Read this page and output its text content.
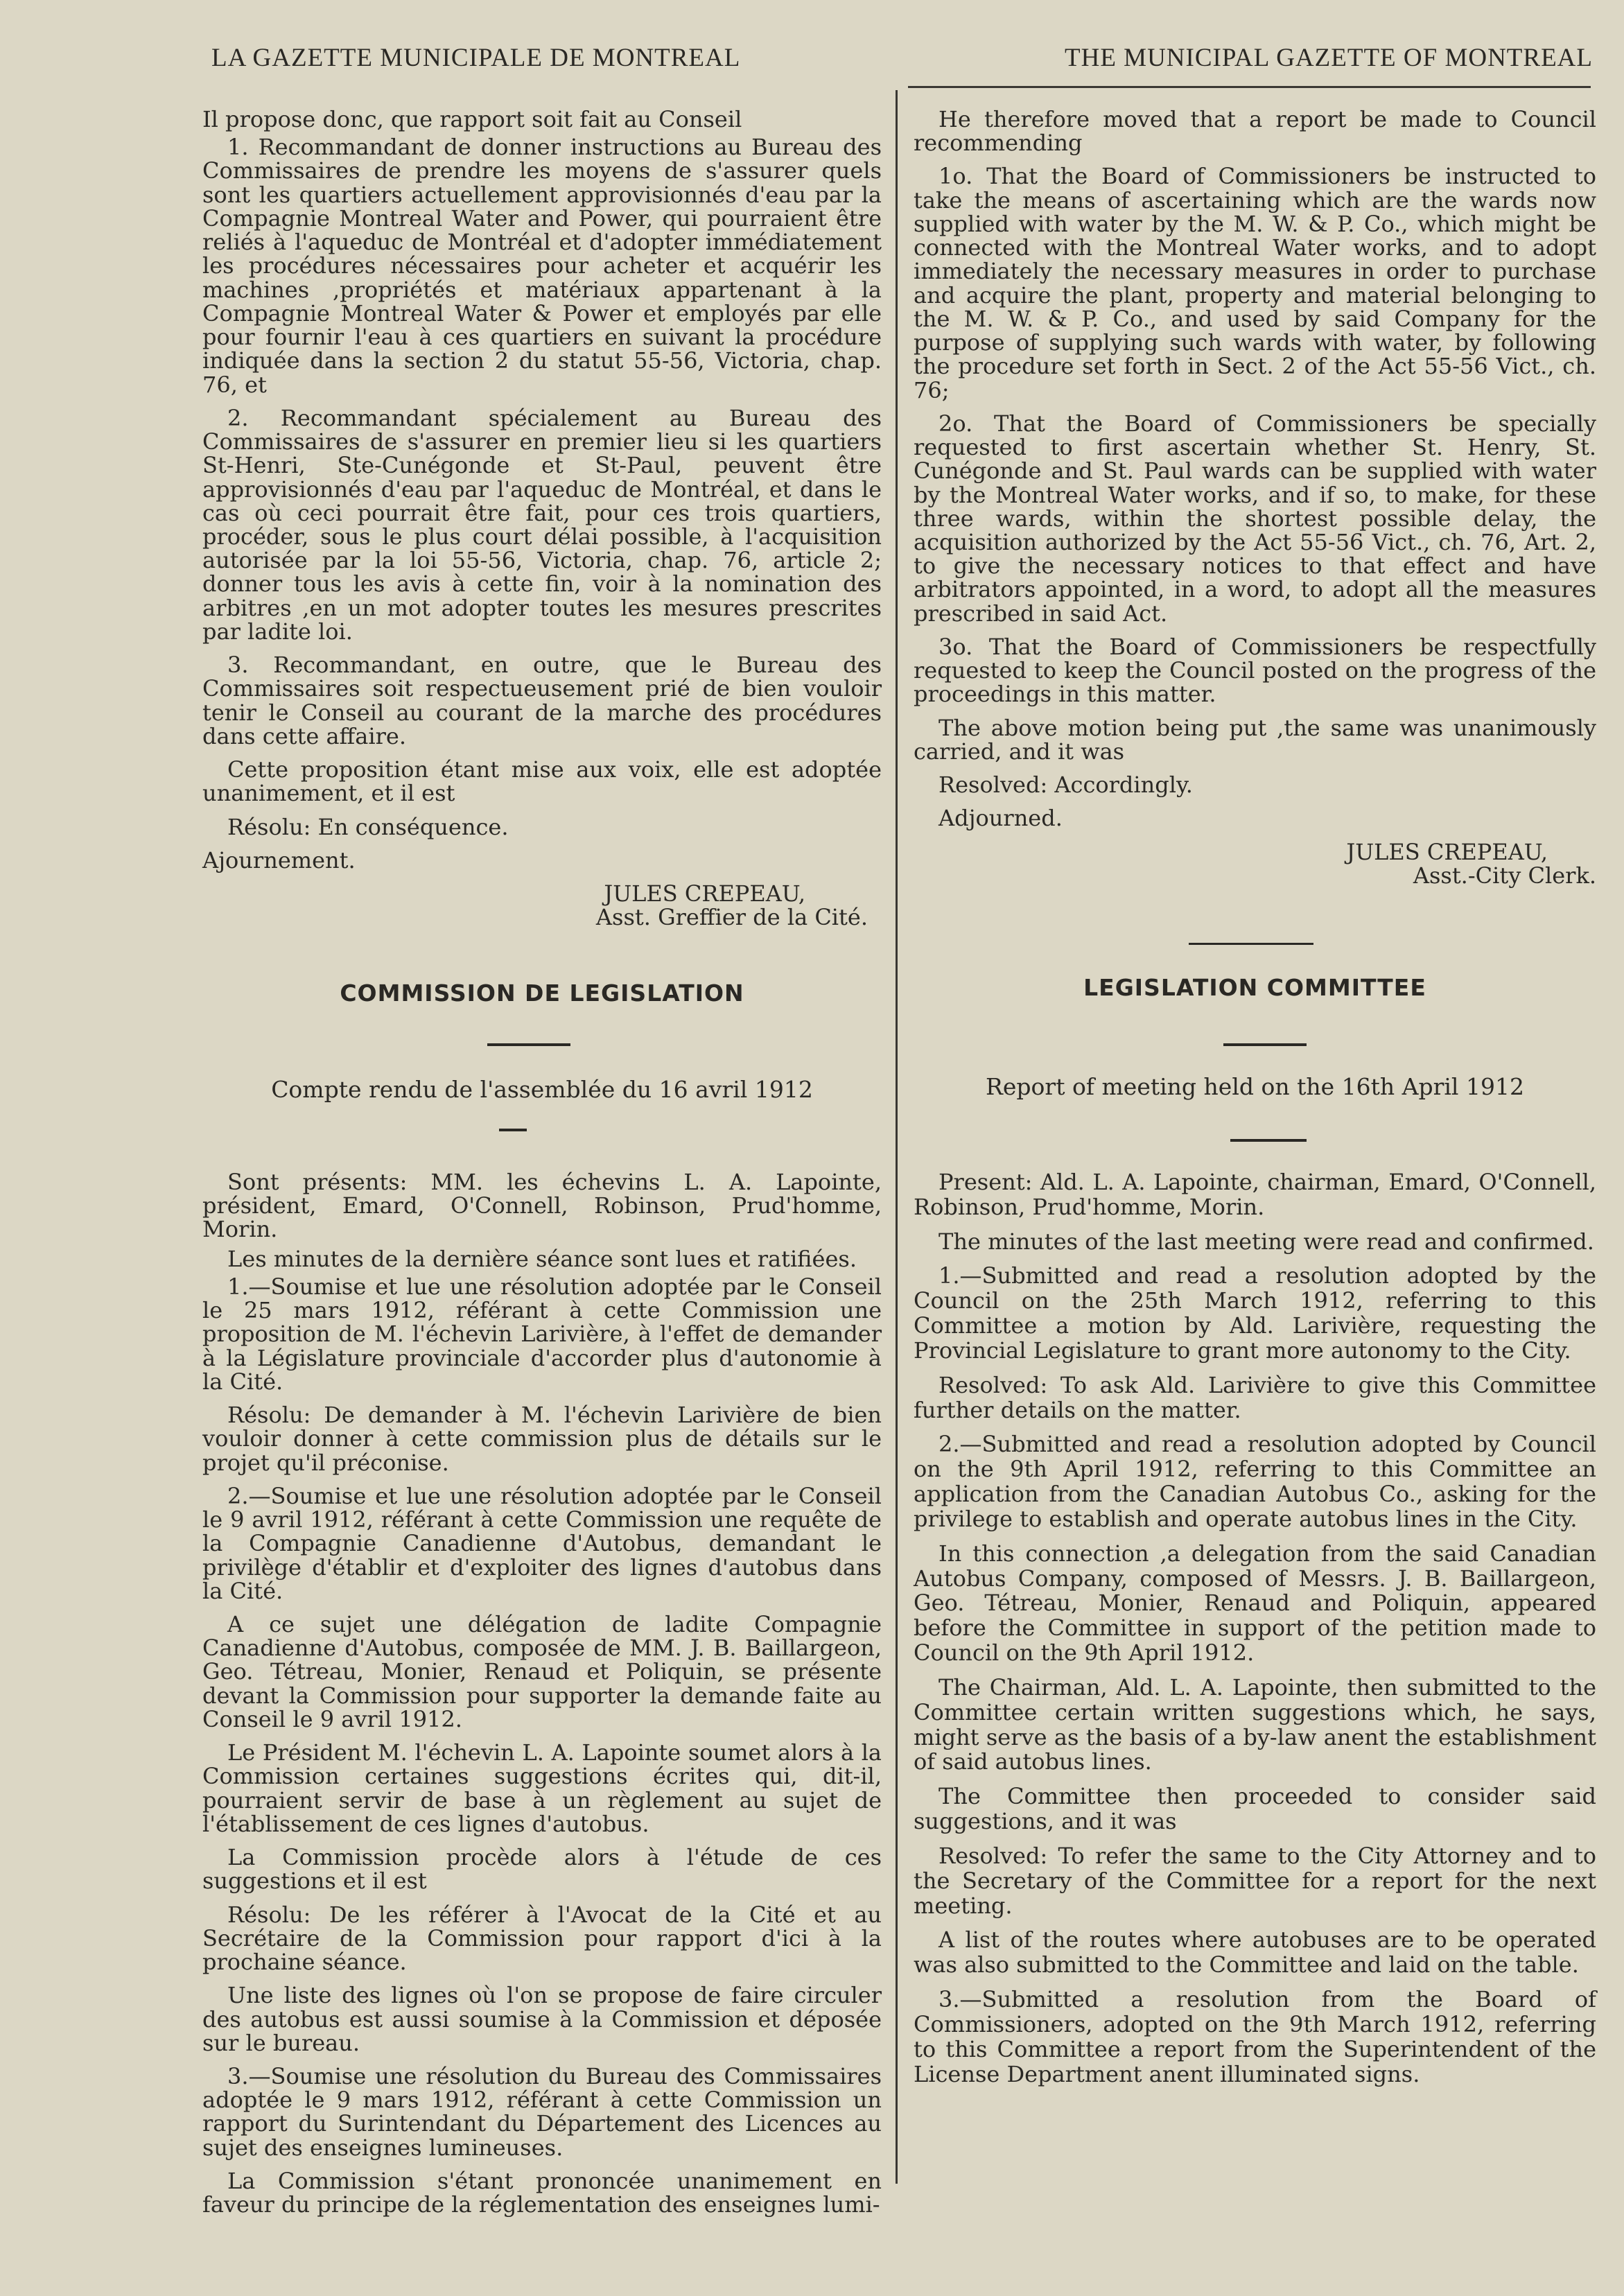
LA GAZETTE MUNICIPALE DE MONTREAL	THE MUNICIPAL GAZETTE OF MONTREAL

Il propose donc, que rapport soit fait au Conseil

1. Recommandant de donner instructions au Bureau des Commissaires de prendre les moyens de s'assurer quels sont les quartiers actuellement approvisionnés d'eau par la Compagnie Montreal Water and Power, qui pourraient être reliés à l'aqueduc de Montréal et d'adopter immédiatement les procédures nécessaires pour acheter et acquérir les machines ,propriétés et matériaux appartenant à la Compagnie Montreal Water & Power et employés par elle pour fournir l'eau à ces quartiers en suivant la procédure indiquée dans la section 2 du statut 55-56, Victoria, chap. 76, et

2. Recommandant spécialement au Bureau des Commissaires de s'assurer en premier lieu si les quartiers St-Henri, Ste-Cunégonde et St-Paul, peuvent être approvisionnés d'eau par l'aqueduc de Montréal, et dans le cas où ceci pourrait être fait, pour ces trois quartiers, procéder, sous le plus court délai possible, à l'acquisition autorisée par la loi 55-56, Victoria, chap. 76, article 2; donner tous les avis à cette fin, voir à la nomination des arbitres ,en un mot adopter toutes les mesures prescrites par ladite loi.

3. Recommandant, en outre, que le Bureau des Commissaires soit respectueusement prié de bien vouloir tenir le Conseil au courant de la marche des procédures dans cette affaire.

Cette proposition étant mise aux voix, elle est adoptée unanimement, et il est

Résolu: En conséquence.

Ajournement.

JULES CREPEAU,

Asst. Greffier de la Cité.

He therefore moved that a report be made to Council recommending

1o. That the Board of Commissioners be instructed to take the means of ascertaining which are the wards now supplied with water by the M. W. & P. Co., which might be connected with the Montreal Water works, and to adopt immediately the necessary measures in order to purchase and acquire the plant, property and material belonging to the M. W. & P. Co., and used by said Company for the purpose of supplying such wards with water, by following the procedure set forth in Sect. 2 of the Act 55-56 Vict., ch. 76;

2o. That the Board of Commissioners be specially requested to first ascertain whether St. Henry, St. Cunégonde and St. Paul wards can be supplied with water by the Montreal Water works, and if so, to make, for these three wards, within the shortest possible delay, the acquisition authorized by the Act 55-56 Vict., ch. 76, Art. 2, to give the necessary notices to that effect and have arbitrators appointed, in a word, to adopt all the measures prescribed in said Act.

3o. That the Board of Commissioners be respectfully requested to keep the Council posted on the progress of the proceedings in this matter.

The above motion being put ,the same was unanimously carried, and it was

Resolved: Accordingly.

Adjourned.

JULES CREPEAU,

Asst.-City Clerk.

COMMISSION DE LEGISLATION	LEGISLATION COMMITTEE
Compte rendu de l'assemblée du 16 avril 1912	Report of meeting held on the 16th April 1912

Sont présents: MM. les échevins L. A. Lapointe, président, Emard, O'Connell, Robinson, Prud'homme, Morin.

Les minutes de la dernière séance sont lues et ratifiées.

1.—Soumise et lue une résolution adoptée par le Conseil le 25 mars 1912, référant à cette Commission une proposition de M. l'échevin Larivière, à l'effet de demander à la Législature provinciale d'accorder plus d'autonomie à la Cité.

Résolu: De demander à M. l'échevin Larivière de bien vouloir donner à cette commission plus de détails sur le projet qu'il préconise.

2.—Soumise et lue une résolution adoptée par le Conseil le 9 avril 1912, référant à cette Commission une requête de la Compagnie Canadienne d'Autobus, demandant le privilège d'établir et d'exploiter des lignes d'autobus dans la Cité.

A ce sujet une délégation de ladite Compagnie Canadienne d'Autobus, composée de MM. J. B. Baillargeon, Geo. Tétreau, Monier, Renaud et Poliquin, se présente devant la Commission pour supporter la demande faite au Conseil le 9 avril 1912.

Le Président M. l'échevin L. A. Lapointe soumet alors à la Commission certaines suggestions écrites qui, dit-il, pourraient servir de base à un règlement au sujet de l'établissement de ces lignes d'autobus.

La Commission procède alors à l'étude de ces suggestions et il est

Résolu: De les référer à l'Avocat de la Cité et au Secrétaire de la Commission pour rapport d'ici à la prochaine séance.

Une liste des lignes où l'on se propose de faire circuler des autobus est aussi soumise à la Commission et déposée sur le bureau.

3.—Soumise une résolution du Bureau des Commissaires adoptée le 9 mars 1912, référant à cette Commission un rapport du Surintendant du Département des Licences au sujet des enseignes lumineuses.

La Commission s'étant prononcée unanimement en faveur du principe de la réglementation des enseignes lumi-

Present: Ald. L. A. Lapointe, chairman, Emard, O'Connell, Robinson, Prud'homme, Morin.

The minutes of the last meeting were read and confirmed.

1.—Submitted and read a resolution adopted by the Council on the 25th March 1912, referring to this Committee a motion by Ald. Larivière, requesting the Provincial Legislature to grant more autonomy to the City.

Resolved: To ask Ald. Larivière to give this Committee further details on the matter.

2.—Submitted and read a resolution adopted by Council on the 9th April 1912, referring to this Committee an application from the Canadian Autobus Co., asking for the privilege to establish and operate autobus lines in the City.

In this connection ,a delegation from the said Canadian Autobus Company, composed of Messrs. J. B. Baillargeon, Geo. Tétreau, Monier, Renaud and Poliquin, appeared before the Committee in support of the petition made to Council on the 9th April 1912.

The Chairman, Ald. L. A. Lapointe, then submitted to the Committee certain written suggestions which, he says, might serve as the basis of a by-law anent the establishment of said autobus lines.

The Committee then proceeded to consider said suggestions, and it was

Resolved: To refer the same to the City Attorney and to the Secretary of the Committee for a report for the next meeting.

A list of the routes where autobuses are to be operated was also submitted to the Committee and laid on the table.

3.—Submitted a resolution from the Board of Commissioners, adopted on the 9th March 1912, referring to this Committee a report from the Superintendent of the License Department anent illuminated signs.
